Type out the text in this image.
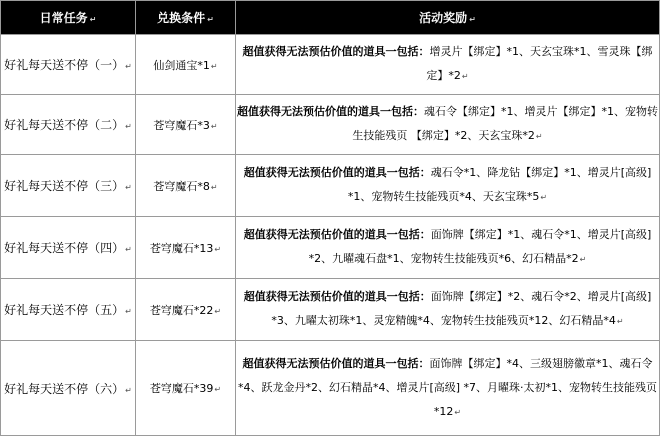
日常任务 ↵	兑换条件 ↵	活动奖励 ↵
好礼每天送不停（一）↵	仙剑通宝*1↵	超值获得无法预估价值的道具一包括：增灵片【绑定】*1、天玄宝珠*1、雪灵珠【绑定】*2↵
好礼每天送不停（二）↵	苍穹魔石*3↵	超值获得无法预估价值的道具一包括：魂石令【绑定】*1、增灵片【绑定】*1、宠物转生技能残页 【绑定】*2、天玄宝珠*2↵
好礼每天送不停（三）↵	苍穹魔石*8↵	超值获得无法预估价值的道具一包括：魂石令*1、降龙钻【绑定】*1、增灵片[高级] *1、宠物转生技能残页*4、天玄宝珠*5↵
好礼每天送不停（四）↵	苍穹魔石*13↵	超值获得无法预估价值的道具一包括：面饰牌【绑定】*1、魂石令*1、增灵片[高级] *2、九曜魂石盘*1、宠物转生技能残页*6、幻石精晶*2↵
好礼每天送不停（五）↵	苍穹魔石*22↵	超值获得无法预估价值的道具一包括：面饰牌【绑定】*2、魂石令*2、增灵片[高级] *3、九曜太初珠*1、灵宠精魄*4、宠物转生技能残页*12、幻石精晶*4↵
好礼每天送不停（六）↵	苍穹魔石*39↵	超值获得无法预估价值的道具一包括：面饰牌【绑定】*4、三级翅膀徽章*1、魂石令*4、跃龙金丹*2、幻石精晶*4、增灵片[高级] *7、月曜珠·太初*1、宠物转生技能残页*12↵
